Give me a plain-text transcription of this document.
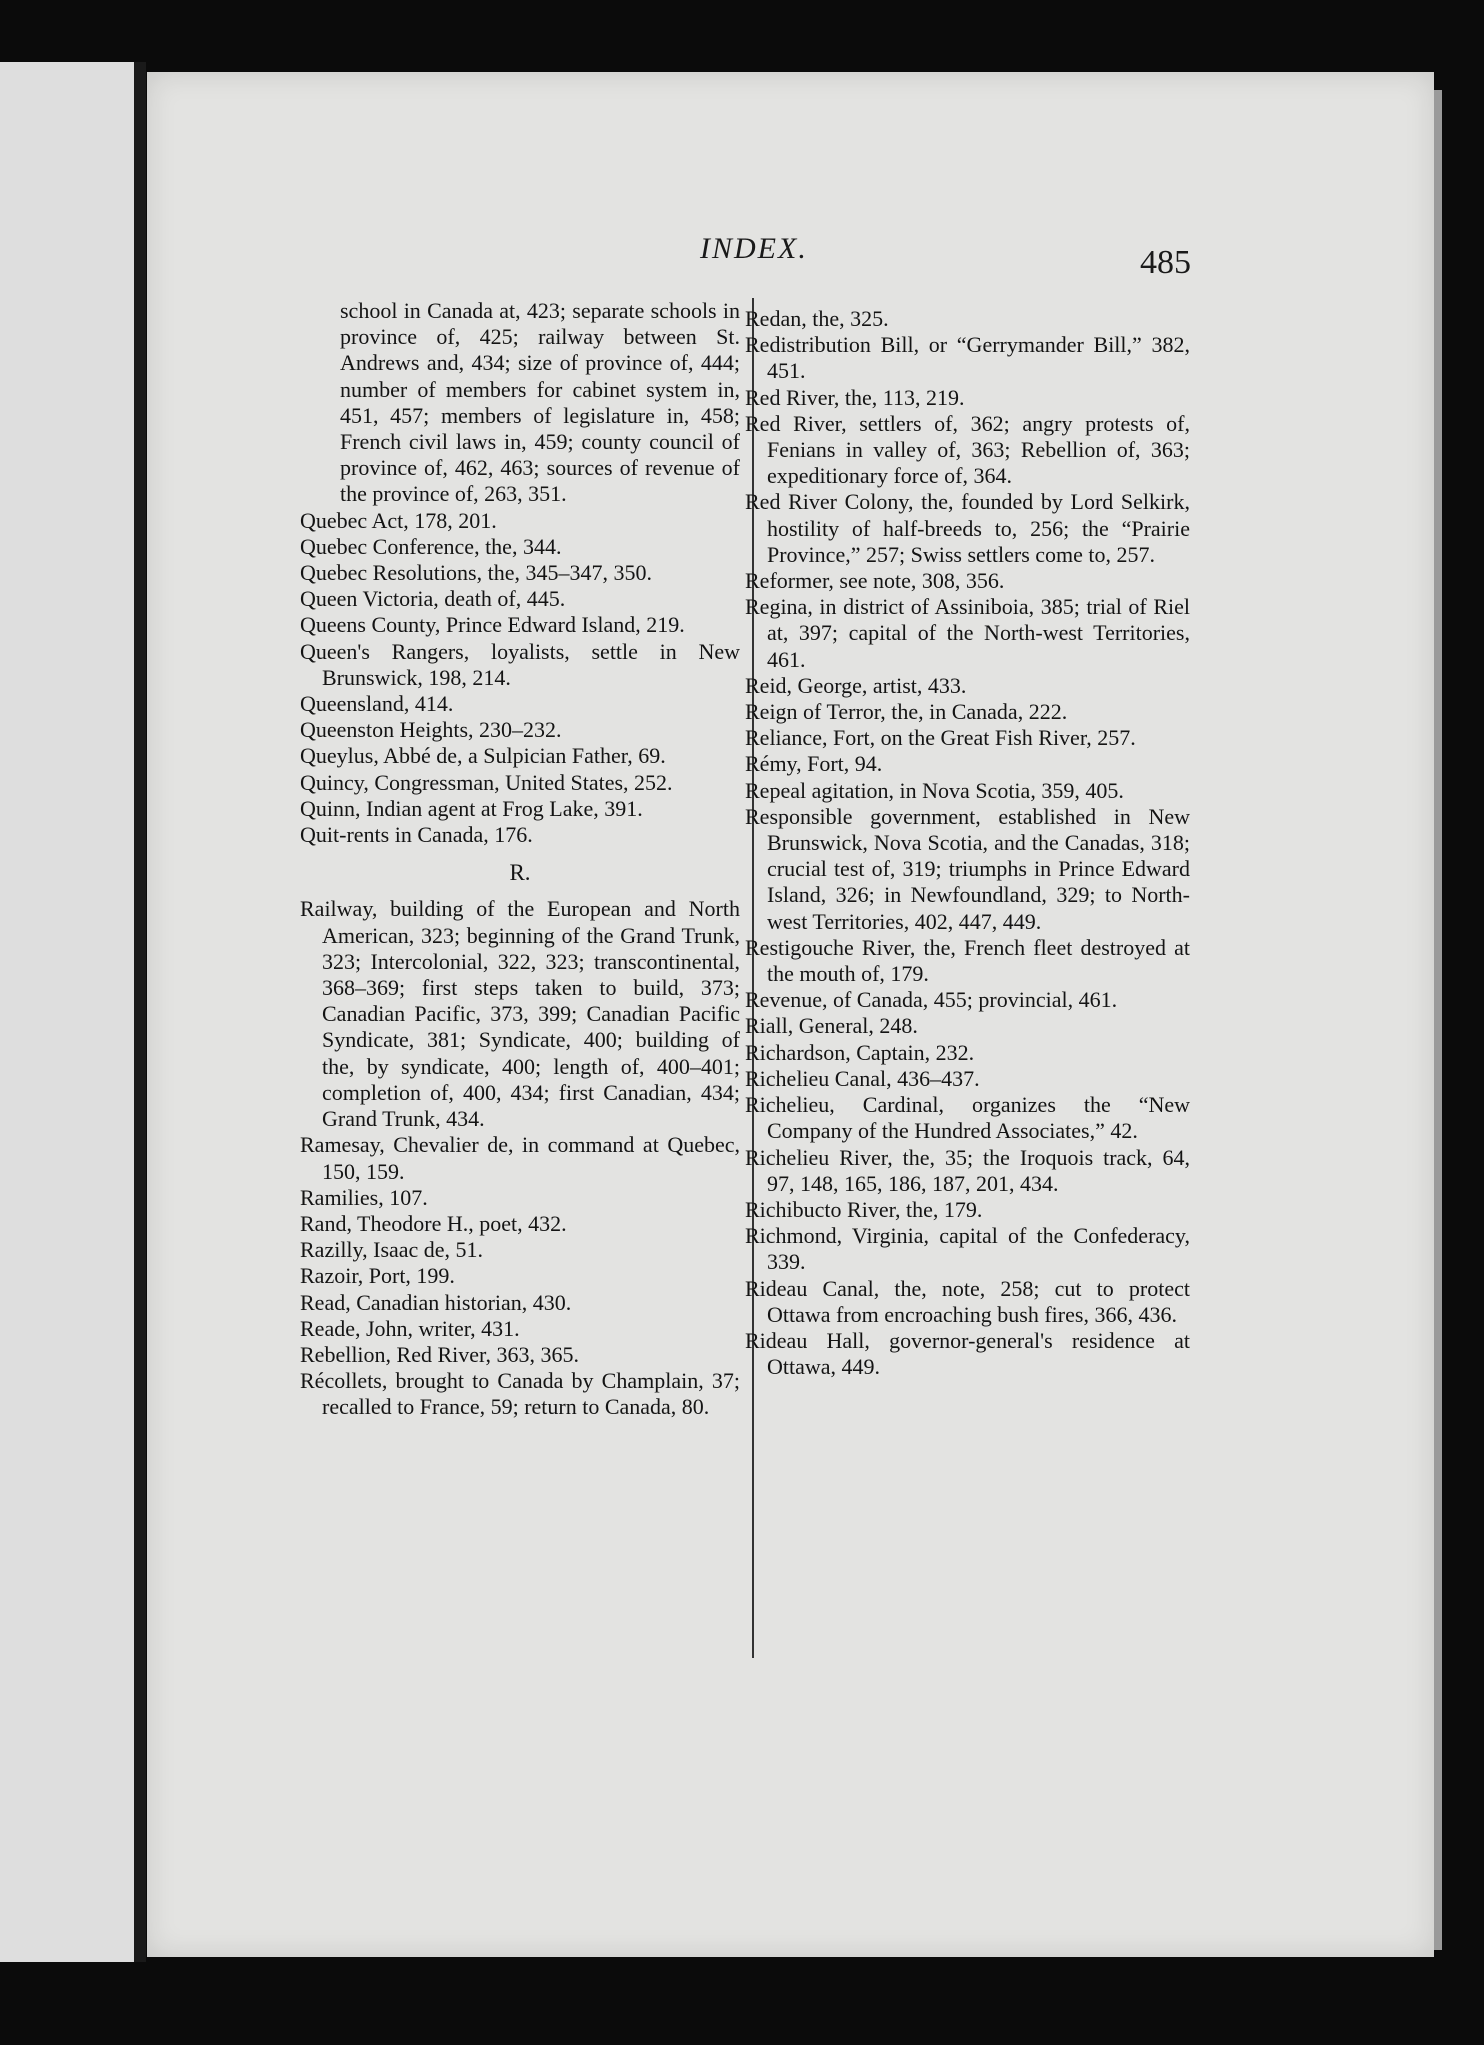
INDEX.	485

school in Canada at, 423; separate schools in province of, 425; railway between St. Andrews and, 434; size of province of, 444; number of members for cabinet system in, 451, 457; members of legislature in, 458; French civil laws in, 459; county council of province of, 462, 463; sources of revenue of the province of, 263, 351.

Quebec Act, 178, 201.

Quebec Conference, the, 344.

Quebec Resolutions, the, 345–347, 350.

Queen Victoria, death of, 445.

Queens County, Prince Edward Island, 219.

Queen's Rangers, loyalists, settle in New Brunswick, 198, 214.

Queensland, 414.

Queenston Heights, 230–232.

Queylus, Abbé de, a Sulpician Father, 69.

Quincy, Congressman, United States, 252.

Quinn, Indian agent at Frog Lake, 391.

Quit-rents in Canada, 176.

R.

Railway, building of the European and North American, 323; beginning of the Grand Trunk, 323; Intercolonial, 322, 323; transcontinental, 368–369; first steps taken to build, 373; Canadian Pacific, 373, 399; Canadian Pacific Syndicate, 381; Syndicate, 400; building of the, by syndicate, 400; length of, 400–401; completion of, 400, 434; first Canadian, 434; Grand Trunk, 434.

Ramesay, Chevalier de, in command at Quebec, 150, 159.

Ramilies, 107.

Rand, Theodore H., poet, 432.

Razilly, Isaac de, 51.

Razoir, Port, 199.

Read, Canadian historian, 430.

Reade, John, writer, 431.

Rebellion, Red River, 363, 365.

Récollets, brought to Canada by Champlain, 37; recalled to France, 59; return to Canada, 80.

Redan, the, 325.

Redistribution Bill, or “Gerrymander Bill,” 382, 451.

Red River, the, 113, 219.

Red River, settlers of, 362; angry protests of, Fenians in valley of, 363; Rebellion of, 363; expeditionary force of, 364.

Red River Colony, the, founded by Lord Selkirk, hostility of half-breeds to, 256; the “Prairie Province,” 257; Swiss settlers come to, 257.

Reformer, see note, 308, 356.

Regina, in district of Assiniboia, 385; trial of Riel at, 397; capital of the North-west Territories, 461.

Reid, George, artist, 433.

Reign of Terror, the, in Canada, 222.

Reliance, Fort, on the Great Fish River, 257.

Rémy, Fort, 94.

Repeal agitation, in Nova Scotia, 359, 405.

Responsible government, established in New Brunswick, Nova Scotia, and the Canadas, 318; crucial test of, 319; triumphs in Prince Edward Island, 326; in Newfoundland, 329; to North-west Territories, 402, 447, 449.

Restigouche River, the, French fleet destroyed at the mouth of, 179.

Revenue, of Canada, 455; provincial, 461.

Riall, General, 248.

Richardson, Captain, 232.

Richelieu Canal, 436–437.

Richelieu, Cardinal, organizes the “New Company of the Hundred Associates,” 42.

Richelieu River, the, 35; the Iroquois track, 64, 97, 148, 165, 186, 187, 201, 434.

Richibucto River, the, 179.

Richmond, Virginia, capital of the Confederacy, 339.

Rideau Canal, the, note, 258; cut to protect Ottawa from encroaching bush fires, 366, 436.

Rideau Hall, governor-general's residence at Ottawa, 449.
